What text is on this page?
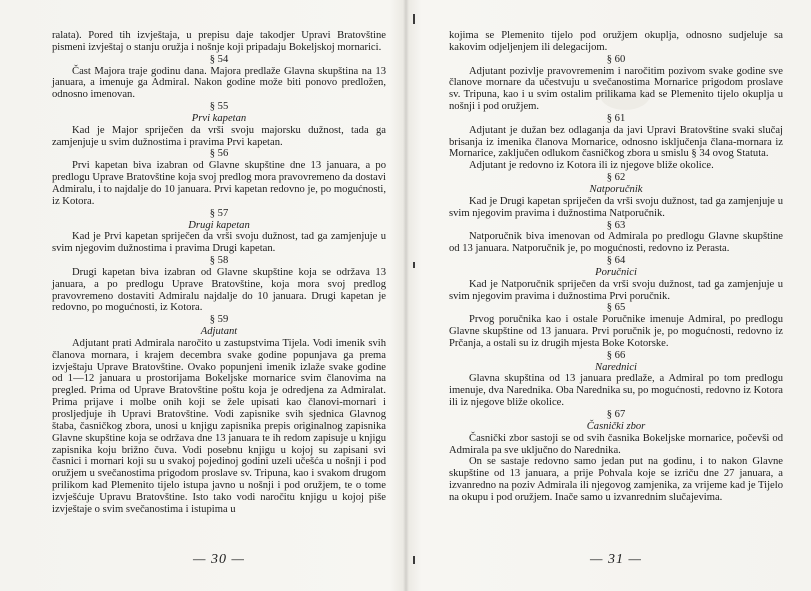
ralata). Pored tih izvještaja, u prepisu daje takodjer Upravi Bratovštine pismeni izvještaj o stanju oružja i nošnje koji pripadaju Bokeljskoj mornarici.

§ 54

Čast Majora traje godinu dana. Majora predlaže Glavna skupština na 13 januara, a imenuje ga Admiral. Nakon godine može biti ponovo predložen, odnosno imenovan.

§ 55

Prvi kapetan

Kad je Major spriječen da vrši svoju majorsku dužnost, tada ga zamjenjuje u svim dužnostima i pravima Prvi kapetan.

§ 56

Prvi kapetan biva izabran od Glavne skupštine dne 13 januara, a po predlogu Uprave Bratovštine koja svoj predlog mora pravovremeno da dostavi Admiralu, i to najdalje do 10 januara. Prvi kapetan redovno je, po mogućnosti, iz Kotora.

§ 57

Drugi kapetan

Kad je Prvi kapetan spriječen da vrši svoju dužnost, tad ga zamjenjuje u svim njegovim dužnostima i pravima Drugi kapetan.

§ 58

Drugi kapetan biva izabran od Glavne skupštine koja se održava 13 januara, a po predlogu Uprave Bratovštine, koja mora svoj predlog pravovremeno dostaviti Admiralu najdalje do 10 januara. Drugi kapetan je redovno, po mogućnosti, iz Kotora.

§ 59

Adjutant

Adjutant prati Admirala naročito u zastupstvima Tijela. Vodi imenik svih članova mornara, i krajem decembra svake godine popunjava ga prema izvještaju Uprave Bratovštine. Ovako popunjeni imenik izlaže svake godine od 1—12 januara u prostorijama Bokeljske mornarice svim članovima na pregled. Prima od Uprave Bratovštine poštu koja je odredjena za Admiralat. Prima prijave i molbe onih koji se žele upisati kao članovi-mornari i prosljedjuje ih Upravi Bratovštine. Vodi zapisnike svih sjednica Glavnog štaba, časničkog zbora, unosi u knjigu zapisnika prepis originalnog zapisnika Glavne skupštine koja se održava dne 13 januara te ih redom zapisuje u knjigu zapisnika koju brižno čuva. Vodi posebnu knjigu u kojoj su zapisani svi časnici i mornari koji su u svakoj pojedinoj godini uzeli učešća u nošnji i pod oružjem u svečanostima prigodom proslave sv. Tripuna, kao i svakom drugom prilikom kad Plemenito tijelo istupa javno u nošnji i pod oružjem, te o tome izvješćuje Upravu Bratovštine. Isto tako vodi naročitu knjigu u kojoj piše izvještaje o svim svečanostima i istupima u

— 30 —

kojima se Plemenito tijelo pod oružjem okuplja, odnosno sudjeluje sa kakovim odjeljenjem ili delegacijom.

§ 60

Adjutant pozivlje pravovremenim i naročitim pozivom svake godine sve članove mornare da učestvuju u svečanostima Mornarice prigodom proslave sv. Tripuna, kao i u svim ostalim prilikama kad se Plemenito tijelo okuplja u nošnji i pod oružjem.

§ 61

Adjutant je dužan bez odlaganja da javi Upravi Bratovštine svaki slučaj brisanja iz imenika članova Mornarice, odnosno isključenja člana-mornara iz Mornarice, zaključen odlukom časničkog zbora u smislu § 34 ovog Statuta.

Adjutant je redovno iz Kotora ili iz njegove bliže okolice.

§ 62

Natporučnik

Kad je Drugi kapetan spriječen da vrši svoju dužnost, tad ga zamjenjuje u svim njegovim pravima i dužnostima Natporučnik.

§ 63

Natporučnik biva imenovan od Admirala po predlogu Glavne skupštine od 13 januara. Natporučnik je, po mogućnosti, redovno iz Perasta.

§ 64

Poručnici

Kad je Natporučnik spriječen da vrši svoju dužnost, tad ga zamjenjuje u svim njegovim pravima i dužnostima Prvi poručnik.

§ 65

Prvog poručnika kao i ostale Poručnike imenuje Admiral, po predlogu Glavne skupštine od 13 januara. Prvi poručnik je, po mogućnosti, redovno iz Prčanja, a ostali su iz drugih mjesta Boke Kotorske.

§ 66

Narednici

Glavna skupština od 13 januara predlaže, a Admiral po tom predlogu imenuje, dva Narednika. Oba Narednika su, po mogućnosti, redovno iz Kotora ili iz njegove bliže okolice.

§ 67

Časnički zbor

Časnički zbor sastoji se od svih časnika Bokeljske mornarice, počevši od Admirala pa sve uključno do Narednika.

On se sastaje redovno samo jedan put na godinu, i to nakon Glavne skupštine od 13 januara, a prije Pohvala koje se izriču dne 27 januara, a izvanredno na poziv Admirala ili njegovog zamjenika, za vrijeme kad je Tijelo na okupu i pod oružjem. Inače samo u izvanrednim slučajevima.

— 31 —
